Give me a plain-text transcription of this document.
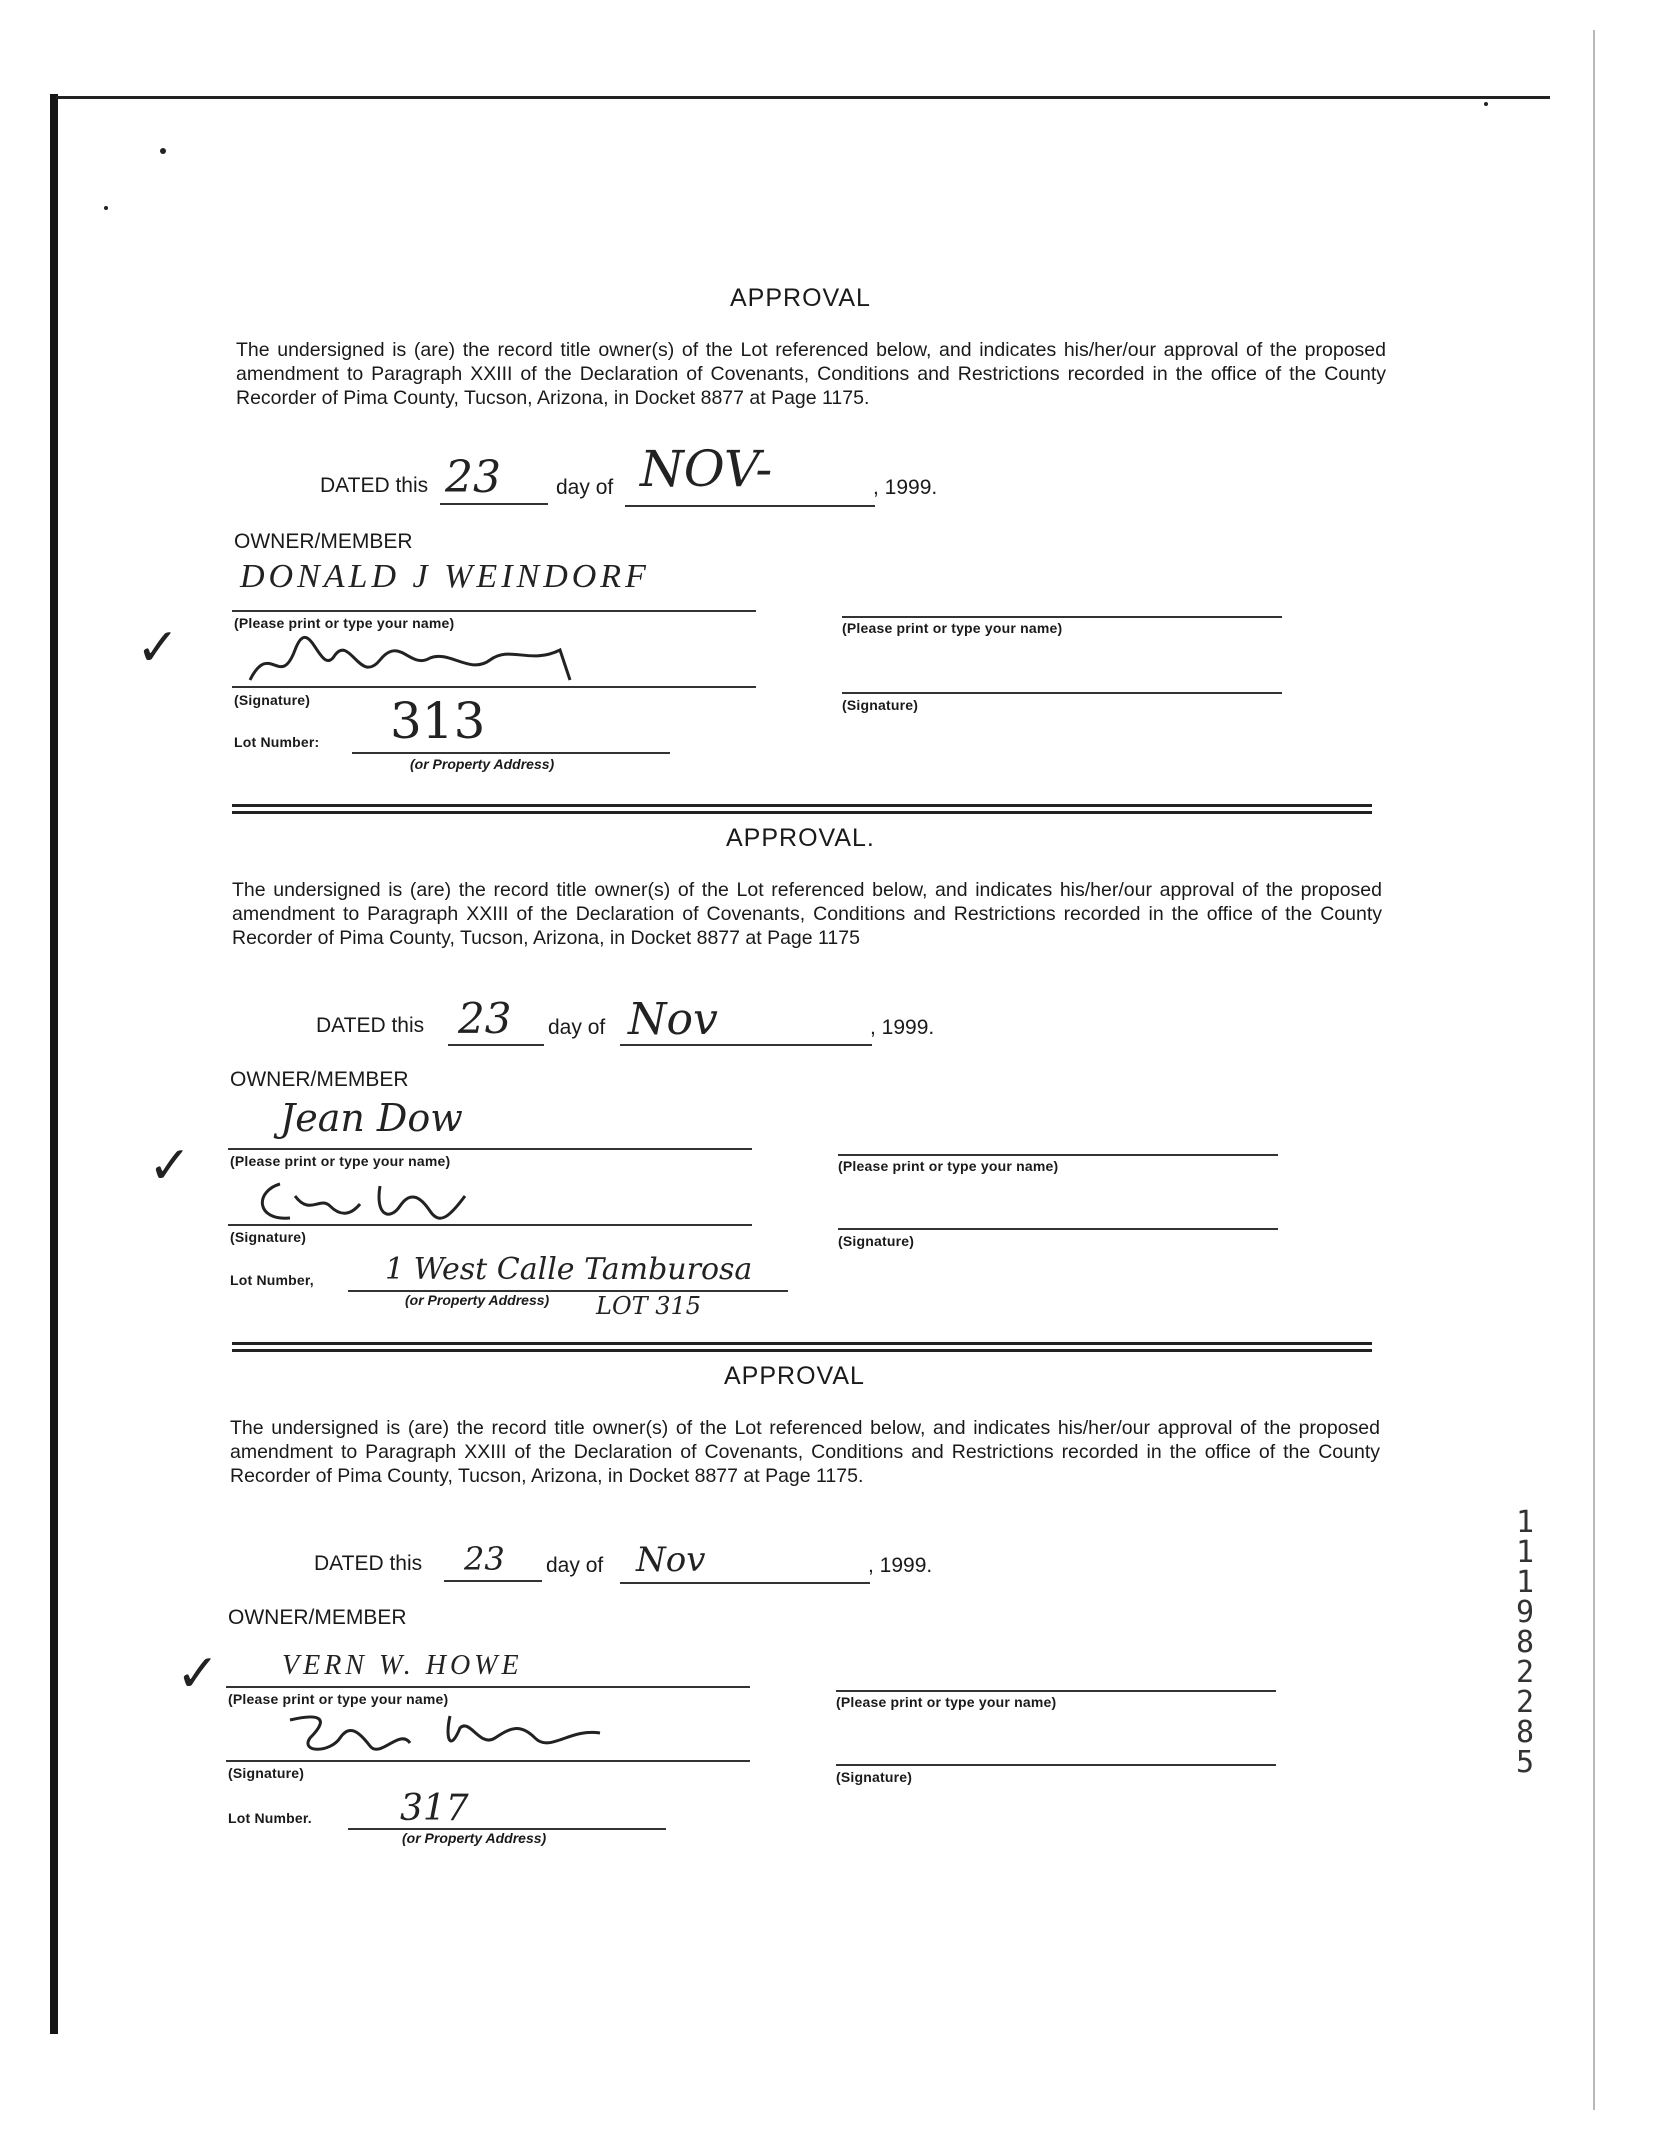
APPROVAL

The undersigned is (are) the record title owner(s) of the Lot referenced below, and indicates his/her/our approval of the proposed amendment to Paragraph XXIII of the Declaration of Covenants, Conditions and Restrictions recorded in the office of the County Recorder of Pima County, Tucson, Arizona, in Docket 8877 at Page 1175.

DATED this 23	day of NOV-	, 1999.
OWNER/MEMBER
DONALD J WEINDORF
(Please print or type your name)	(Please print or type your name)
(Signature)	(Signature)
Lot Number: 313
(or Property Address)
✓
APPROVAL.

The undersigned is (are) the record title owner(s) of the Lot referenced below, and indicates his/her/our approval of the proposed amendment to Paragraph XXIII of the Declaration of Covenants, Conditions and Restrictions recorded in the office of the County Recorder of Pima County, Tucson, Arizona, in Docket 8877 at Page 1175

DATED this 23 day of Nov	, 1999.
OWNER/MEMBER
Jean Dow
(Please print or type your name)	(Please print or type your name)
(Signature)	(Signature)
Lot Number, 1 West Calle Tamburosa
(or Property Address) LOT 315
✓
APPROVAL

The undersigned is (are) the record title owner(s) of the Lot referenced below, and indicates his/her/our approval of the proposed amendment to Paragraph XXIII of the Declaration of Covenants, Conditions and Restrictions recorded in the office of the County Recorder of Pima County, Tucson, Arizona, in Docket 8877 at Page 1175.

DATED this 23 day of Nov	, 1999.
OWNER/MEMBER
VERN W. HOWE
(Please print or type your name)	(Please print or type your name)
(Signature)	(Signature)
Lot Number. 317
(or Property Address)
✓
1
1
1
9
8
2
2
8
5
